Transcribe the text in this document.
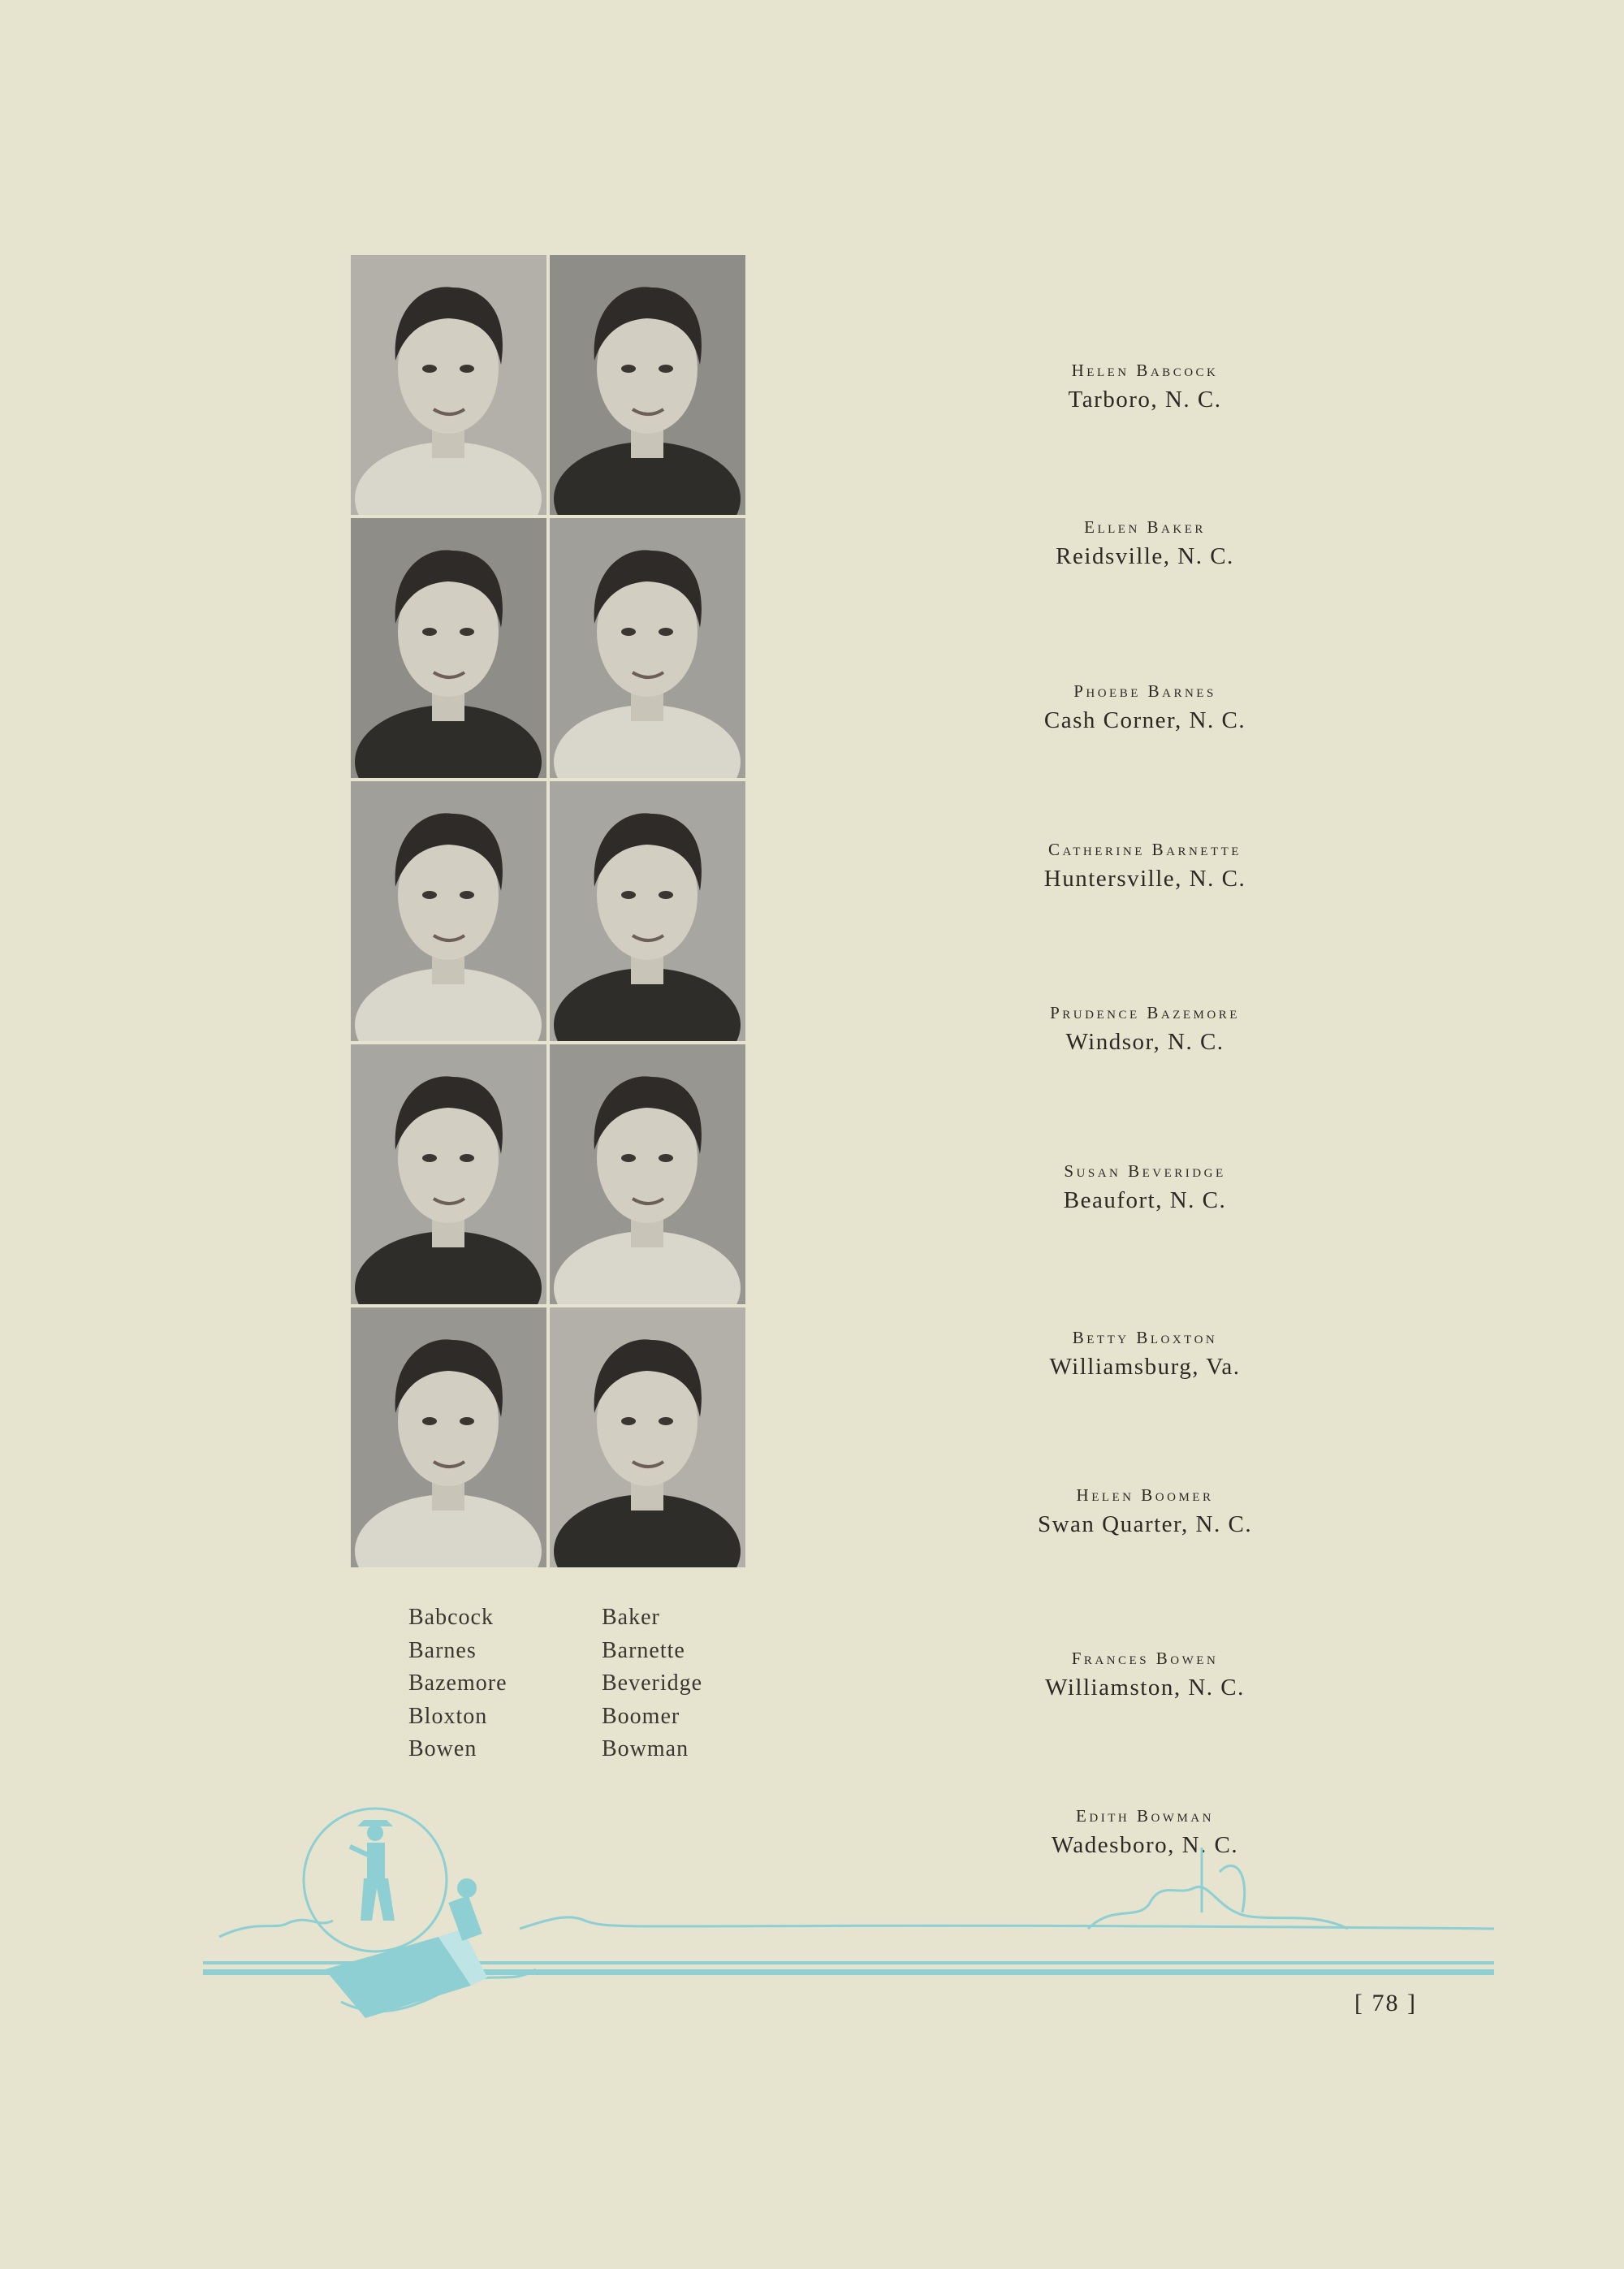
Babcock
Barnes
Bazemore
Bloxton
Bowen
Baker
Barnette
Beveridge
Boomer
Bowman
Helen Babcock
Tarboro, N. C.
Ellen Baker
Reidsville, N. C.
Phoebe Barnes
Cash Corner, N. C.
Catherine Barnette
Huntersville, N. C.
Prudence Bazemore
Windsor, N. C.
Susan Beveridge
Beaufort, N. C.
Betty Bloxton
Williamsburg, Va.
Helen Boomer
Swan Quarter, N. C.
Frances Bowen
Williamston, N. C.
Edith Bowman
Wadesboro, N. C.
[ 78 ]
